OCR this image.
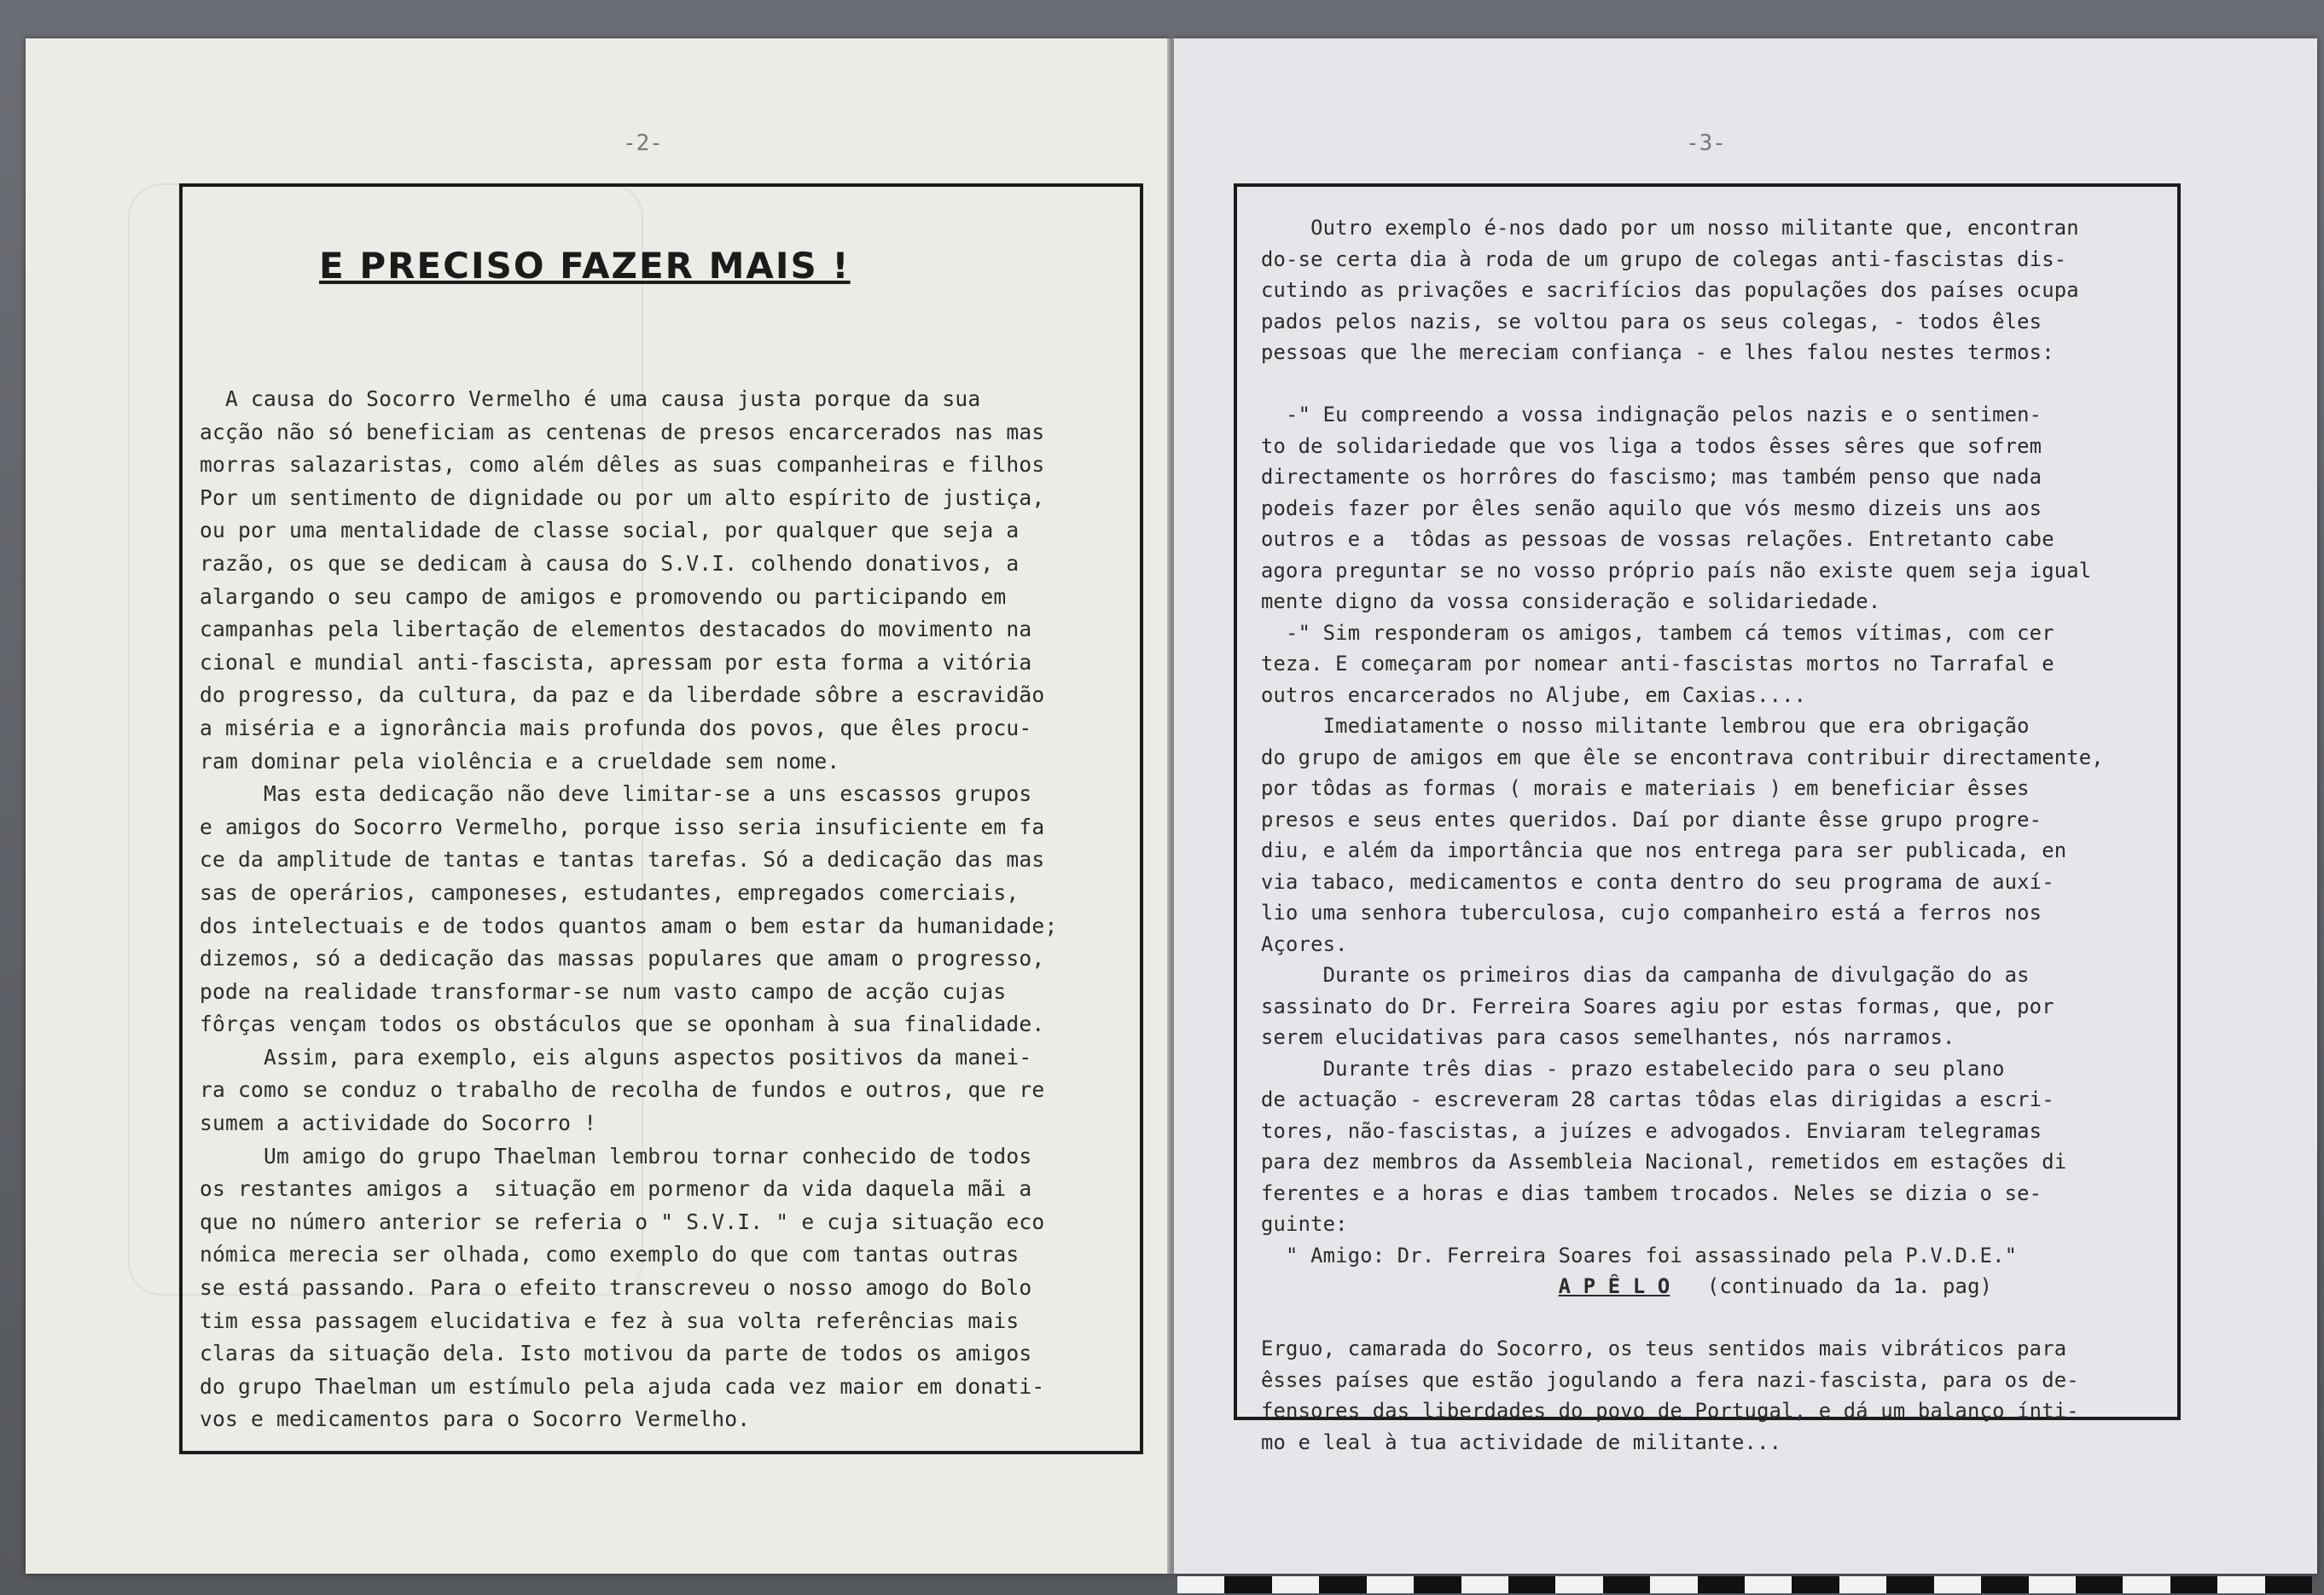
-2-
E PRECISO FAZER MAIS !
A causa do Socorro Vermelho é uma causa justa porque da sua
acção não só beneficiam as centenas de presos encarcerados nas mas
morras salazaristas, como além dêles as suas companheiras e filhos
Por um sentimento de dignidade ou por um alto espírito de justiça,
ou por uma mentalidade de classe social, por qualquer que seja a
razão, os que se dedicam à causa do S.V.I. colhendo donativos, a
alargando o seu campo de amigos e promovendo ou participando em
campanhas pela libertação de elementos destacados do movimento na
cional e mundial anti-fascista, apressam por esta forma a vitória
do progresso, da cultura, da paz e da liberdade sôbre a escravidão
a miséria e a ignorância mais profunda dos povos, que êles procu-
ram dominar pela violência e a crueldade sem nome.
Mas esta dedicação não deve limitar-se a uns escassos grupos
e amigos do Socorro Vermelho, porque isso seria insuficiente em fa
ce da amplitude de tantas e tantas tarefas. Só a dedicação das mas
sas de operários, camponeses, estudantes, empregados comerciais,
dos intelectuais e de todos quantos amam o bem estar da humanidade;
dizemos, só a dedicação das massas populares que amam o progresso,
pode na realidade transformar-se num vasto campo de acção cujas
fôrças vençam todos os obstáculos que se oponham à sua finalidade.
Assim, para exemplo, eis alguns aspectos positivos da manei-
ra como se conduz o trabalho de recolha de fundos e outros, que re
sumem a actividade do Socorro !
Um amigo do grupo Thaelman lembrou tornar conhecido de todos
os restantes amigos a  situação em pormenor da vida daquela mãi a
que no número anterior se referia o " S.V.I. " e cuja situação eco
nómica merecia ser olhada, como exemplo do que com tantas outras
se está passando. Para o efeito transcreveu o nosso amogo do Bolo
tim essa passagem elucidativa e fez à sua volta referências mais
claras da situação dela. Isto motivou da parte de todos os amigos
do grupo Thaelman um estímulo pela ajuda cada vez maior em donati-
vos e medicamentos para o Socorro Vermelho.

-3-
Outro exemplo é-nos dado por um nosso militante que, encontran
do-se certa dia à roda de um grupo de colegas anti-fascistas dis-
cutindo as privações e sacrifícios das populações dos países ocupa
pados pelos nazis, se voltou para os seus colegas, - todos êles
pessoas que lhe mereciam confiança - e lhes falou nestes termos:

-" Eu compreendo a vossa indignação pelos nazis e o sentimen-
to de solidariedade que vos liga a todos êsses sêres que sofrem
directamente os horrôres do fascismo; mas também penso que nada
podeis fazer por êles senão aquilo que vós mesmo dizeis uns aos
outros e a  tôdas as pessoas de vossas relações. Entretanto cabe
agora preguntar se no vosso próprio país não existe quem seja igual
mente digno da vossa consideração e solidariedade.
-" Sim responderam os amigos, tambem cá temos vítimas, com cer
teza. E começaram por nomear anti-fascistas mortos no Tarrafal e
outros encarcerados no Aljube, em Caxias....
Imediatamente o nosso militante lembrou que era obrigação
do grupo de amigos em que êle se encontrava contribuir directamente,
por tôdas as formas ( morais e materiais ) em beneficiar êsses
presos e seus entes queridos. Daí por diante êsse grupo progre-
diu, e além da importância que nos entrega para ser publicada, en
via tabaco, medicamentos e conta dentro do seu programa de auxí-
lio uma senhora tuberculosa, cujo companheiro está a ferros nos
Açores.
Durante os primeiros dias da campanha de divulgação do as
sassinato do Dr. Ferreira Soares agiu por estas formas, que, por
serem elucidativas para casos semelhantes, nós narramos.
Durante três dias - prazo estabelecido para o seu plano
de actuação - escreveram 28 cartas tôdas elas dirigidas a escri-
tores, não-fascistas, a juízes e advogados. Enviaram telegramas
para dez membros da Assembleia Nacional, remetidos em estações di
ferentes e a horas e dias tambem trocados. Neles se dizia o se-
guinte:
" Amigo: Dr. Ferreira Soares foi assassinado pela P.V.D.E."
A P Ê L O (continuado da 1a. pag)

Erguo, camarada do Socorro, os teus sentidos mais vibráticos para
êsses países que estão jogulando a fera nazi-fascista, para os de-
fensores das liberdades do povo de Portugal, e dá um balanço ínti-
mo e leal à tua actividade de militante...
